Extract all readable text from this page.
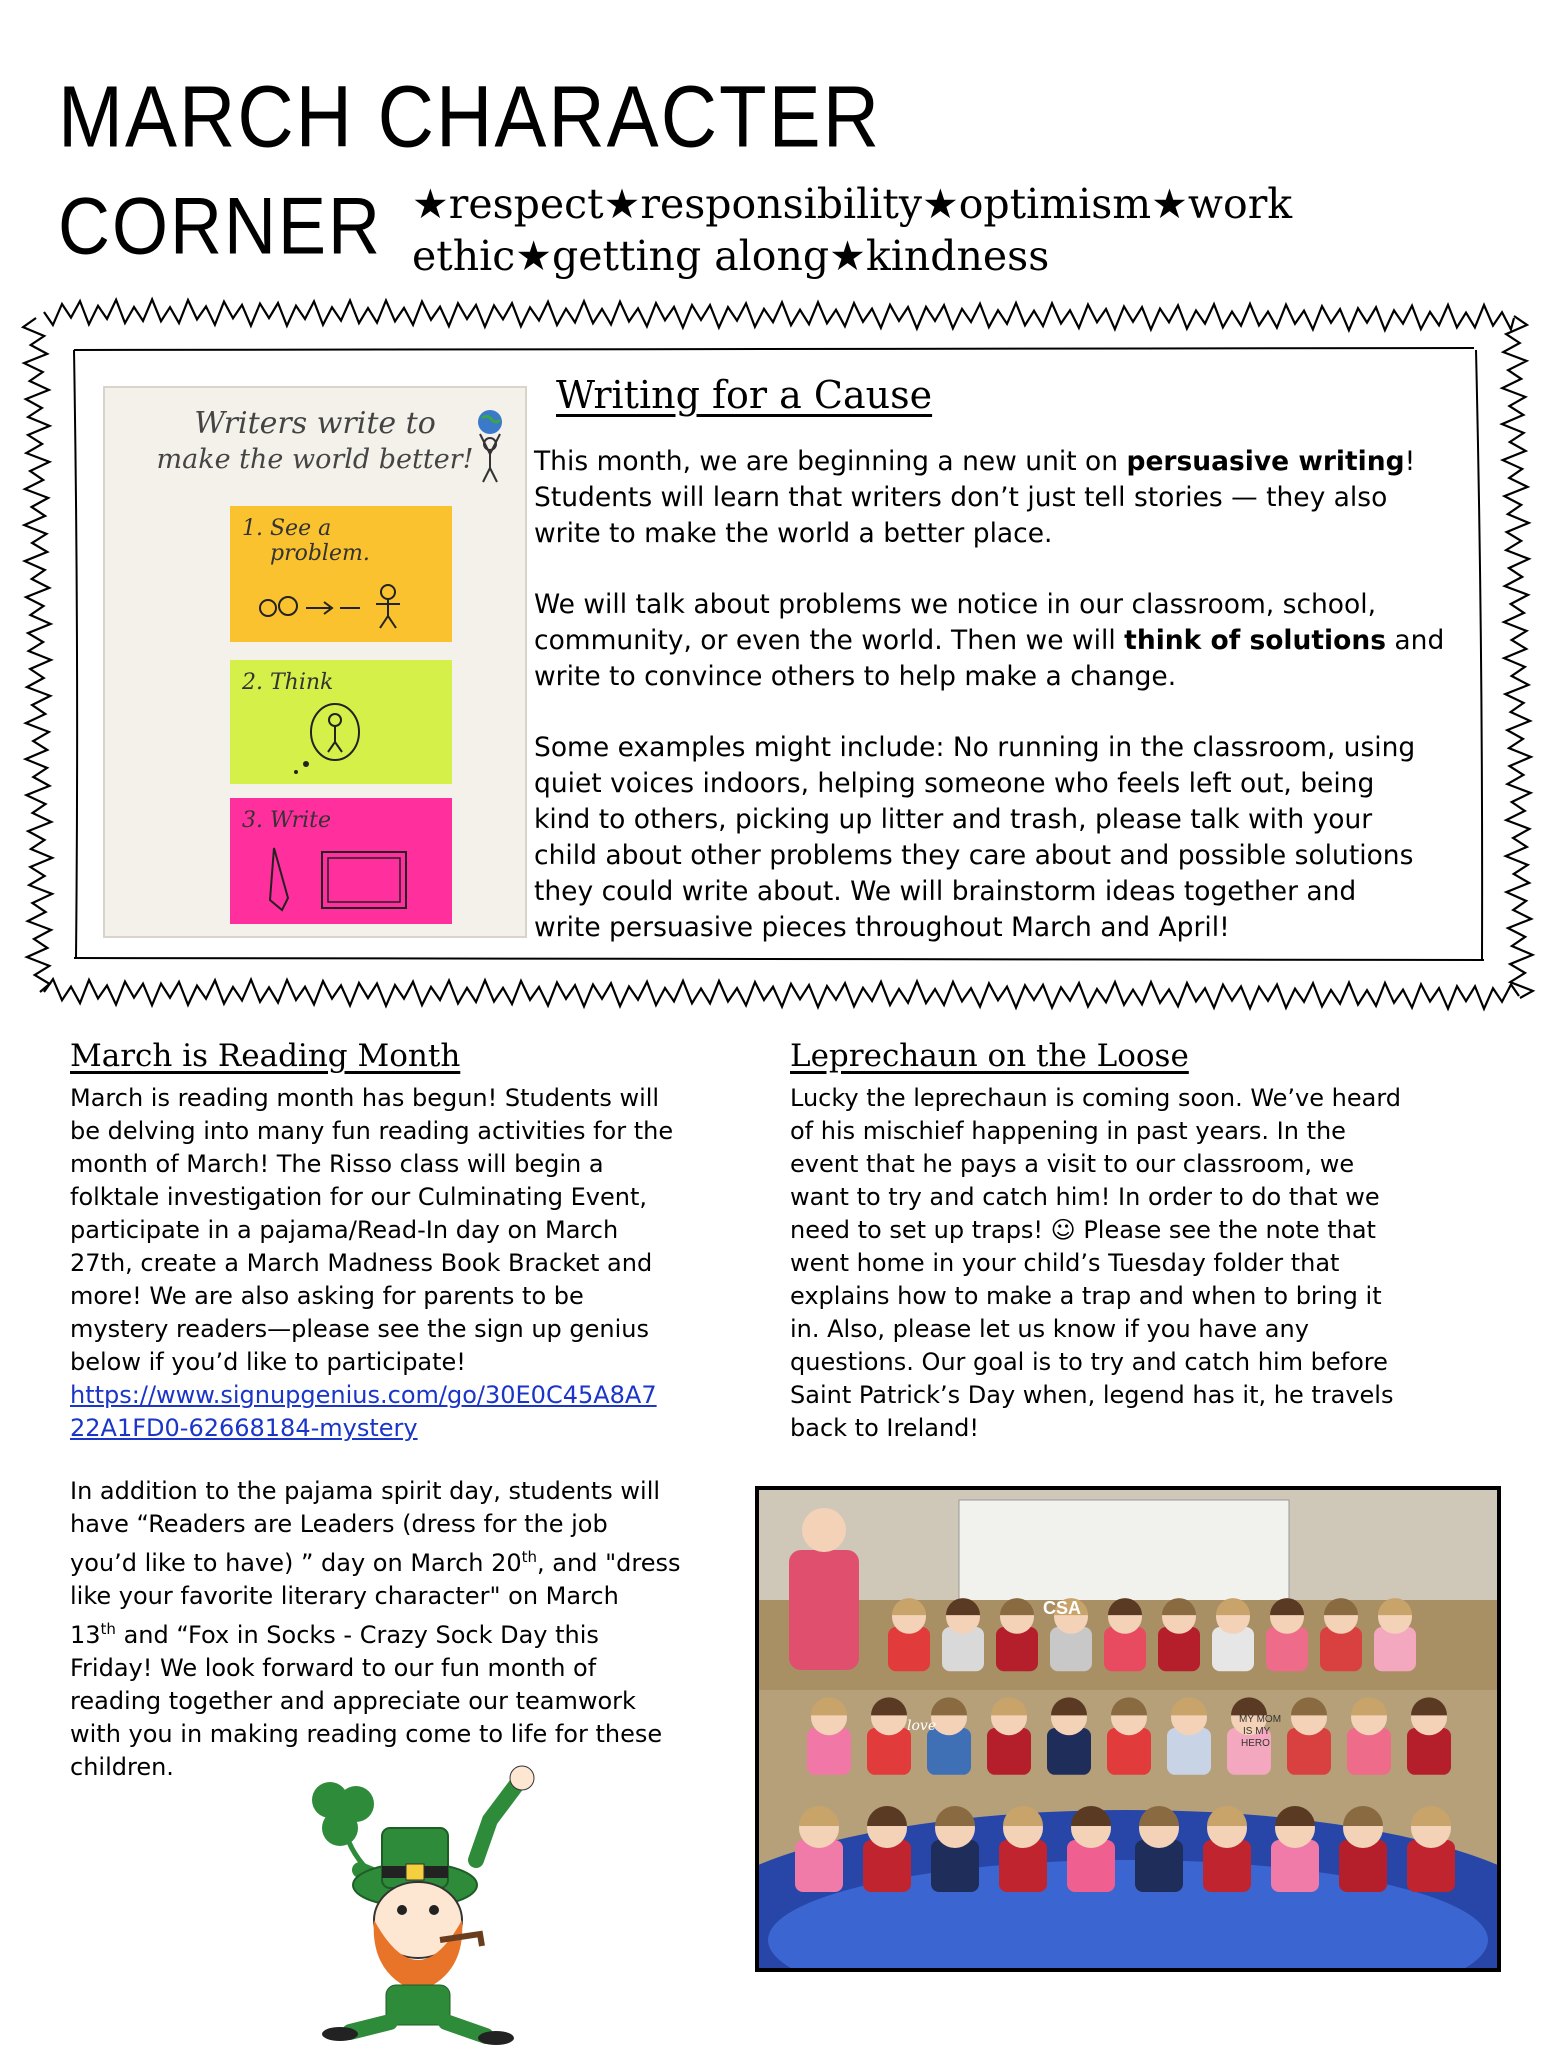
MARCH CHARACTER
CORNER ★respect★responsibility★optimism★work
ethic★getting along★kindness
Writers write to
make the world better!
1. See a
problem.
2. Think
3. Write
Writing for a Cause
This month, we are beginning a new unit on persuasive writing!
Students will learn that writers don’t just tell stories — they also
write to make the world a better place.
We will talk about problems we notice in our classroom, school,
community, or even the world. Then we will think of solutions and
write to convince others to help make a change.
Some examples might include: No running in the classroom, using
quiet voices indoors, helping someone who feels left out, being
kind to others, picking up litter and trash, please talk with your
child about other problems they care about and possible solutions
they could write about. We will brainstorm ideas together and
write persuasive pieces throughout March and April!
March is Reading Month
March is reading month has begun! Students will
be delving into many fun reading activities for the
month of March! The Risso class will begin a
folktale investigation for our Culminating Event,
participate in a pajama/Read-In day on March
27th, create a March Madness Book Bracket and
more! We are also asking for parents to be
mystery readers—please see the sign up genius
below if you’d like to participate!
https://www.signupgenius.com/go/30E0C45A8A7
22A1FD0-62668184-mystery
In addition to the pajama spirit day, students will
have “Readers are Leaders (dress for the job
you’d like to have) ” day on March 20th, and "dress
like your favorite literary character" on March
13th and “Fox in Socks - Crazy Sock Day this
Friday! We look forward to our fun month of
reading together and appreciate our teamwork
with you in making reading come to life for these
children.
Leprechaun on the Loose
Lucky the leprechaun is coming soon. We’ve heard
of his mischief happening in past years. In the
event that he pays a visit to our classroom, we
want to try and catch him! In order to do that we
need to set up traps! ☺ Please see the note that
went home in your child’s Tuesday folder that
explains how to make a trap and when to bring it
in. Also, please let us know if you have any
questions. Our goal is to try and catch him before
Saint Patrick’s Day when, legend has it, he travels
back to Ireland!
CSA
love	MY MOM
IS MY
HERO
